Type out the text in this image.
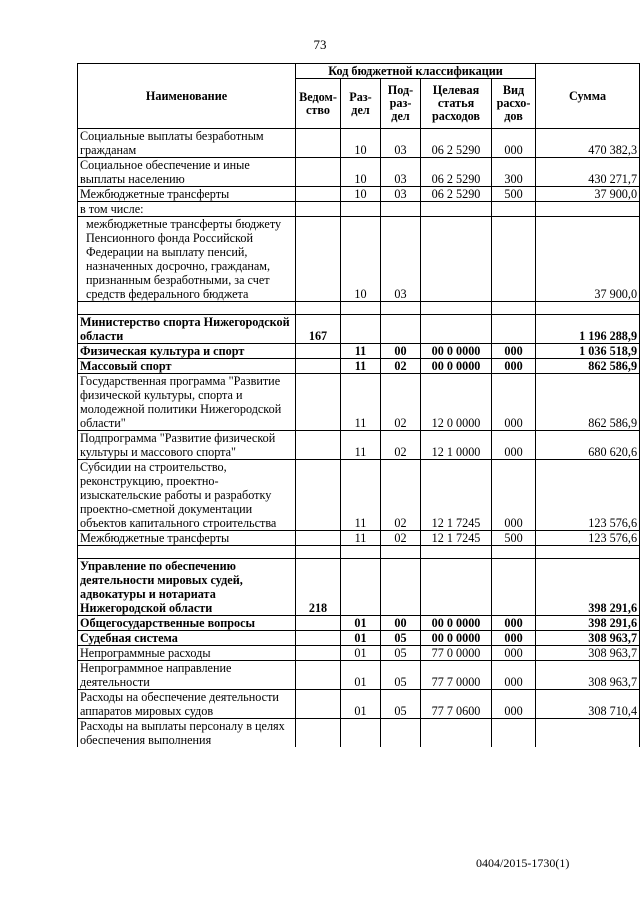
73
Наименование	Код бюджетной классификации					Сумма
	Ведом-ство	Раз-дел	Под-раз-дел	Целевая статья расходов	Вид расхо-дов	
Социальные выплаты безработным гражданам		10	03	06 2 5290	000	470 382,3
Социальное обеспечение и иные выплаты населению		10	03	06 2 5290	300	430 271,7
Межбюджетные трансферты		10	03	06 2 5290	500	37 900,0
в том числе:						
межбюджетные трансферты бюджету Пенсионного фонда Российской Федерации на выплату пенсий, назначенных досрочно, гражданам, признанным безработными, за счет средств федерального бюджета		10	03			37 900,0

Министерство спорта Нижегородской области	167					1 196 288,9
Физическая культура и спорт		11	00	00 0 0000	000	1 036 518,9
Массовый спорт		11	02	00 0 0000	000	862 586,9
Государственная программа "Развитие физической культуры, спорта и молодежной политики Нижегородской области"		11	02	12 0 0000	000	862 586,9
Подпрограмма "Развитие физической культуры и массового спорта"		11	02	12 1 0000	000	680 620,6
Субсидии на строительство, реконструкцию, проектно-изыскательские работы и разработку проектно-сметной документации объектов капитального строительства		11	02	12 1 7245	000	123 576,6
Межбюджетные трансферты		11	02	12 1 7245	500	123 576,6

Управление по обеспечению деятельности мировых судей, адвокатуры и нотариата Нижегородской области	218					398 291,6
Общегосударственные вопросы		01	00	00 0 0000	000	398 291,6
Судебная система		01	05	00 0 0000	000	308 963,7
Непрограммные расходы		01	05	77 0 0000	000	308 963,7
Непрограммное направление деятельности		01	05	77 7 0000	000	308 963,7
Расходы на обеспечение деятельности аппаратов мировых судов		01	05	77 7 0600	000	308 710,4
Расходы на выплаты персоналу в целях обеспечения выполнения						
0404/2015-1730(1)
